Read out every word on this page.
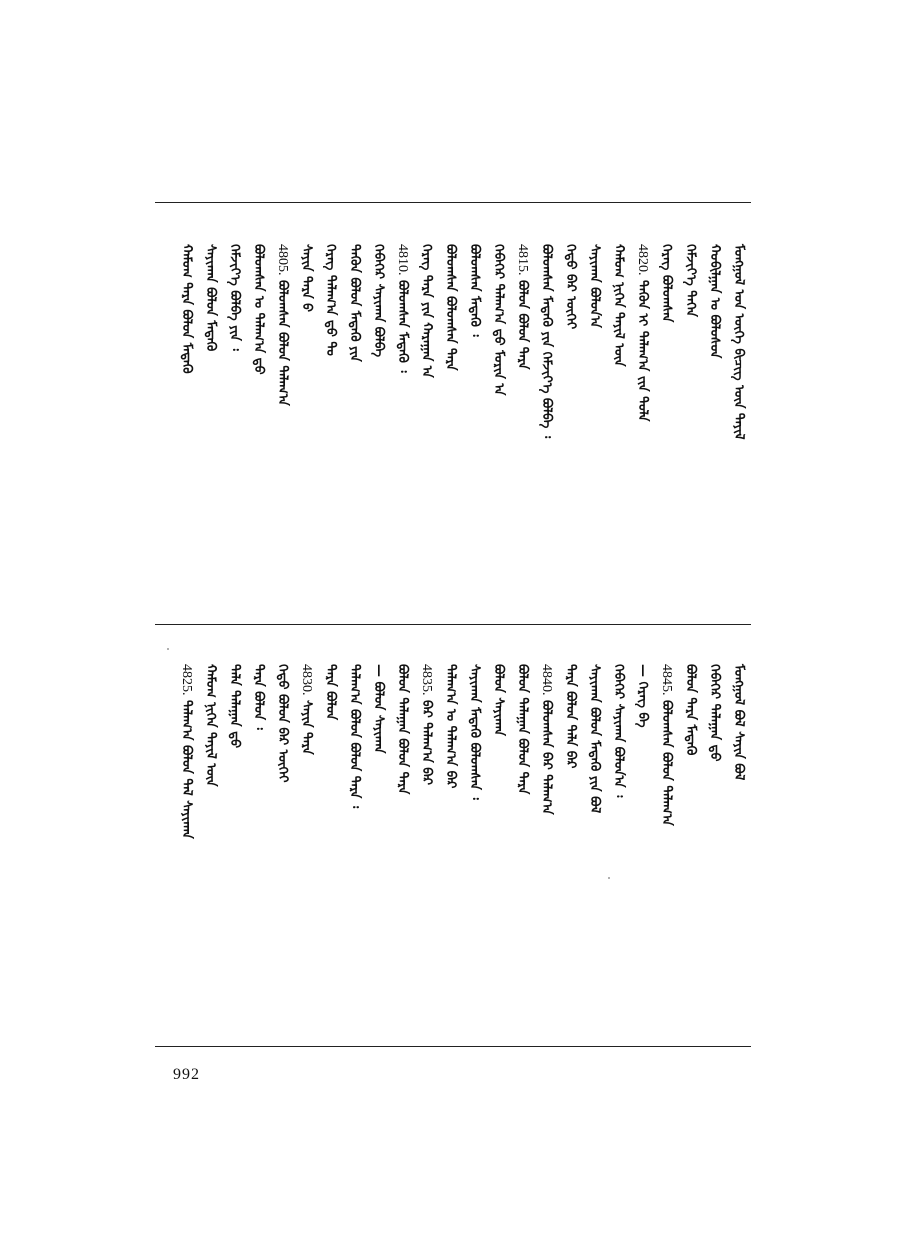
ᠮᠣᠩᠭᠣᠯ ᠤᠨ ᠦᠭᠡ ᠪᠢᠴᠢᠭ ᠦᠨ ᠲᠡᠶᠢᠯ
ᠬᠤᠪᠢᠯᠭᠠᠨ ᠤ ᠪᠣᠯᠤᠰᠤᠨ
ᠬᠡᠮᠵᠢᠶ᠎ᠡ ᠲᠡᠭᠡᠨ
ᠬᠡᠷᠡᠭ ᠪᠣᠯᠤᠭᠰᠠᠨ
4820. ᠲᠡᠭᠦᠨ ᠢ ᠲᠠᠯᠠᠭ᠎ᠠ ᠵᠢᠨ ᠲᠤᠯᠠ
ᠬᠠᠮᠤᠭ ᠨᠢᠭᠡᠨ ᠲᠡᠶᠢᠯ ᠦᠨ
ᠰᠠᠶᠢᠬᠠᠨ ᠪᠣᠯᠤᠨ᠎ᠠ
ᠬᠡᠳᠦ ᠪᠡᠷ ᠦᠭᠡᠢ
ᠪᠣᠯᠤᠭᠰᠠᠨ ᠮᠡᠳᠡᠬᠦ ᠶᠢᠨ ᠬᠡᠮᠵᠢᠶ᠎ᠡ ᠪᠣᠯᠪᠠ ᠄
4815. ᠪᠣᠯᠤᠨ ᠪᠣᠯᠤᠨ ᠲᠡᠷᠡ
ᠬᠡᠪᠡᠭᠡᠷ ᠲᠠᠯᠠᠭ᠎ᠠ ᠳ᠋ᠤ ᠮᠣᠷᠢᠨ ᠠ
ᠪᠣᠯᠤᠭᠰᠠᠨ ᠮᠡᠳᠡᠬᠦ ᠄
ᠪᠣᠯᠤᠭᠰᠠᠨ ᠪᠣᠯᠤᠭᠰᠠᠨ ᠲᠡᠷᠡ
ᠬᠡᠷᠡᠭ ᠲᠡᠷᠡ ᠶᠢᠨ ᠬᠠᠷᠠᠭᠠᠨ ᠠ
4810. ᠪᠣᠯᠤᠭᠰᠠᠨ ᠮᠡᠳᠡᠬᠦ ᠄
ᠬᠡᠪᠡᠭᠡᠷ ᠰᠠᠶᠢᠬᠠᠨ ᠪᠣᠯᠪᠠ
ᠲᠡᠭᠦᠨ ᠪᠣᠯᠤᠨ ᠮᠡᠳᠡᠬᠦ ᠶᠢᠨ
ᠬᠡᠷᠡᠭ ᠲᠠᠯᠠᠭ᠎ᠠ ᠳ᠋ᠤ ᠲᠤ
ᠰᠠᠶᠢᠨ ᠲᠡᠷᠡ ᠪ
4805. ᠪᠣᠯᠤᠭᠰᠠᠨ ᠪᠣᠯᠤᠨ ᠲᠠᠯᠠᠭ᠎ᠠ
ᠪᠣᠯᠤᠭᠰᠠᠨ ᠤ ᠲᠠᠯᠠᠭ᠎ᠠ ᠳ᠋ᠤ
ᠬᠡᠮᠵᠢᠶ᠎ᠡ ᠪᠣᠯᠪᠠ ᠶᠢᠨ ᠄
ᠰᠠᠶᠢᠬᠠᠨ ᠪᠣᠯᠤᠨ ᠮᠡᠳᠡᠬᠦ
ᠬᠠᠮᠤᠭ ᠲᠡᠷᠡ ᠪᠣᠯᠤᠨ ᠮᠡᠳᠡᠬᠦ
ᠮᠣᠩᠭᠣᠯ ᠪᠣᠯ ᠰᠠᠶᠢᠨ ᠪᠣᠯ
ᠬᠡᠪᠡᠭᠡᠷ ᠲᠠᠯᠠᠭᠠᠨ ᠳ᠋ᠤ
ᠪᠣᠯᠤᠨ ᠲᠡᠷᠡ ᠮᠡᠳᠡᠬᠦ
4845. ᠪᠣᠯᠤᠭᠰᠠᠨ ᠪᠣᠯᠤᠨ ᠲᠠᠯᠠᠭ᠎ᠠ
— ᠬᠡᠷᠡᠭ ᠪᠡ
ᠬᠡᠪᠡᠭᠡᠷ ᠰᠠᠶᠢᠬᠠᠨ ᠪᠣᠯᠤᠨ᠎ᠠ ᠄
ᠰᠠᠶᠢᠬᠠᠨ ᠪᠣᠯᠤᠨ ᠮᠡᠳᠡᠬᠦ ᠶᠢᠨ ᠪᠣᠯ
ᠲᠡᠷᠡ ᠪᠣᠯᠤᠨ ᠲᠠᠯᠠ ᠪᠡᠷ
4840. ᠪᠣᠯᠤᠭᠰᠠᠨ ᠪᠡᠷ ᠲᠠᠯᠠᠭ᠎ᠠ
ᠪᠣᠯᠤᠨ ᠲᠠᠯᠠᠭᠠᠨ ᠪᠣᠯᠤᠨ ᠲᠡᠷᠡ
ᠪᠣᠯᠤᠨ ᠰᠠᠶᠢᠬᠠᠨ
ᠰᠠᠶᠢᠬᠠᠨ ᠮᠡᠳᠡᠬᠦ ᠪᠣᠯᠤᠭᠰᠠᠨ ᠄
ᠲᠠᠯᠠᠭ᠎ᠠ ᠤ ᠲᠠᠯᠠᠭ᠎ᠠ ᠪᠡᠷ
4835. ᠪᠡᠷ ᠲᠠᠯᠠᠭ᠎ᠠ ᠪᠡᠷ
ᠪᠣᠯᠤᠨ ᠲᠠᠯᠠᠭᠠᠨ ᠪᠣᠯᠤᠨ ᠲᠡᠷᠡ
— ᠪᠣᠯᠤᠨ ᠰᠠᠶᠢᠬᠠᠨ
ᠲᠠᠯᠠᠭ᠎ᠠ ᠪᠣᠯᠤᠨ ᠪᠣᠯᠤᠨ ᠲᠡᠷᠡ ᠄
ᠲᠡᠷᠡ ᠪᠣᠯᠤᠨ
4830. ᠰᠠᠶᠢᠨ ᠲᠡᠷᠡ
ᠬᠡᠳᠦ ᠪᠣᠯᠤᠨ ᠪᠡᠷ ᠦᠭᠡᠢ
ᠲᠡᠷᠡ ᠪᠣᠯᠤᠨ ᠄
ᠲᠠᠯᠠ ᠲᠠᠯᠠᠭᠠᠨ ᠳ᠋ᠤ
ᠬᠠᠮᠤᠭ ᠨᠢᠭᠡᠨ ᠲᠡᠶᠢᠯ ᠦᠨ
4825. ᠲᠠᠯᠠᠭ᠎ᠠ ᠪᠣᠯᠤᠨ ᠲᠠᠯ ᠰᠠᠶᠢᠬᠠᠨ
992
